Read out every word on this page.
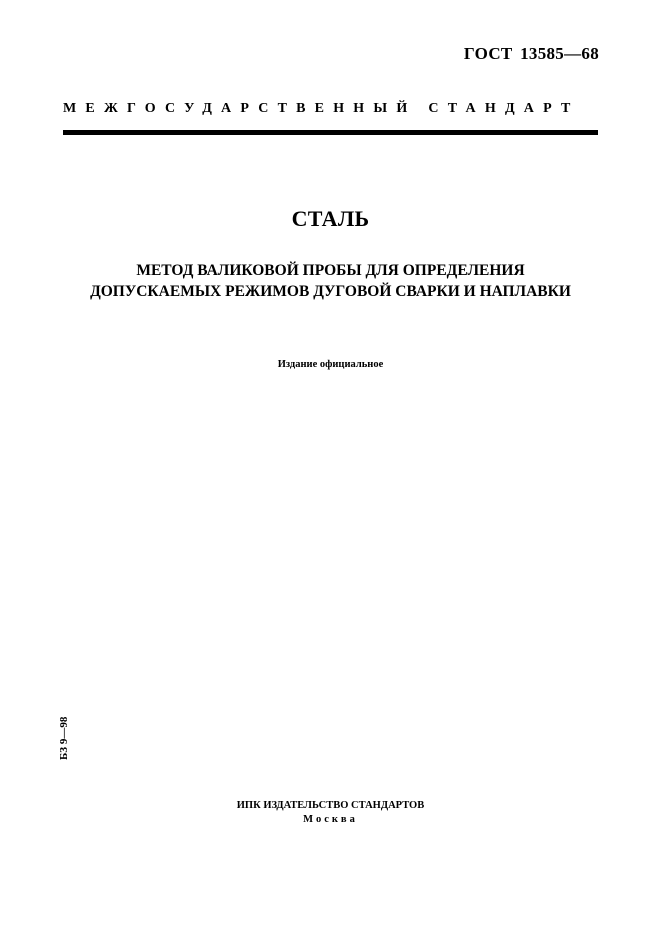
ГОСТ 13585—68
МЕЖГОСУДАРСТВЕННЫЙ СТАНДАРТ
СТАЛЬ
МЕТОД ВАЛИКОВОЙ ПРОБЫ ДЛЯ ОПРЕДЕЛЕНИЯ
ДОПУСКАЕМЫХ РЕЖИМОВ ДУГОВОЙ СВАРКИ И НАПЛАВКИ
Издание официальное
БЗ 9—98
ИПК ИЗДАТЕЛЬСТВО СТАНДАРТОВ
Москва
